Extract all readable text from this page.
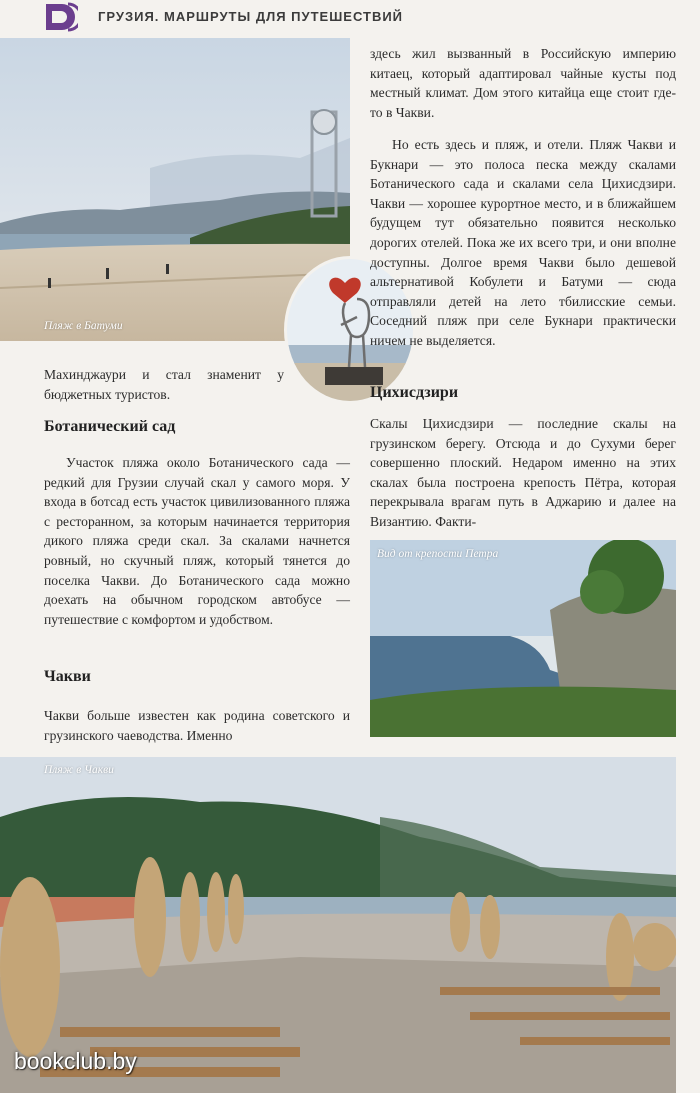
ГРУЗИЯ. МАРШРУТЫ ДЛЯ ПУТЕШЕСТВИЙ
Пляж в Батуми
Махинджаури и стал знаменит у бюджетных туристов.
Ботанический сад
Участок пляжа около Ботанического сада — редкий для Грузии случай скал у самого моря. У входа в ботсад есть участок цивилизованного пляжа с ресторанном, за которым начинается территория дикого пляжа среди скал. За скалами начнется ровный, но скучный пляж, который тянется до поселка Чакви. До Ботанического сада можно доехать на обычном городском автобусе — путешествие с комфортом и удобством.
Чакви
Чакви больше известен как родина советского и грузинского чаеводства. Именно
здесь жил вызванный в Российскую империю китаец, который адаптировал чайные кусты под местный климат. Дом этого китайца еще стоит где-то в Чакви.
Но есть здесь и пляж, и отели. Пляж Чакви и Букнари — это полоса песка между скалами Ботанического сада и скалами села Цихисдзири. Чакви — хорошее курортное место, и в ближайшем будущем тут обязательно появится несколько дорогих отелей. Пока же их всего три, и они вполне доступны. Долгое время Чакви было дешевой альтернативой Кобулети и Батуми — сюда отправляли детей на лето тбилисские семьи. Соседний пляж при селе Букнари практически ничем не выделяется.
Цихисдзири
Скалы Цихисдзири — последние скалы на грузинском берегу. Отсюда и до Сухуми берег совершенно плоский. Недаром именно на этих скалах была построена крепость Пётра, которая перекрывала врагам путь в Аджарию и далее на Византию. Факти-
Вид от крепости Петра
Пляж в Чакви
bookclub.by
